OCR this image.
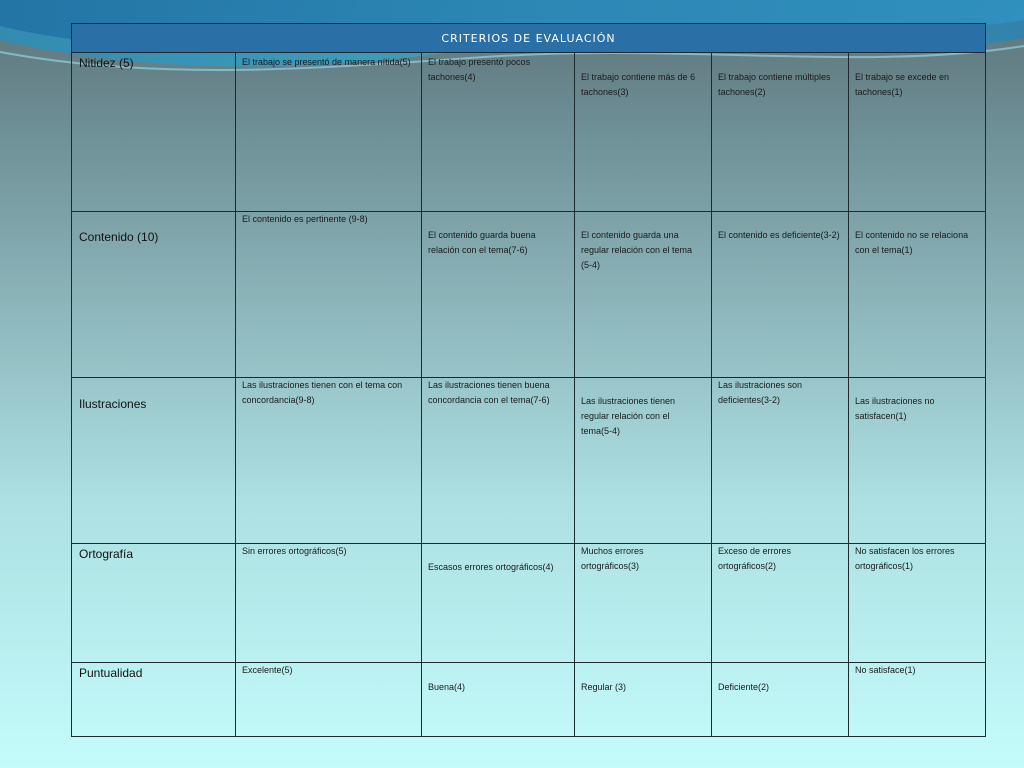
CRITERIOS DE EVALUACIÓN					
Nitidez (5)	El trabajo se presentó de manera nítida(5)	El trabajo presentó pocos tachones(4)	El trabajo contiene más de 6 tachones(3)	El trabajo contiene múltiples tachones(2)	El trabajo se excede en tachones(1)
Contenido (10)	El contenido es pertinente (9-8)	El contenido guarda buena relación con el tema(7-6)	El contenido guarda una regular relación con el tema (5-4)	El contenido es deficiente(3-2)	El contenido no se relaciona con el tema(1)
Ilustraciones	Las ilustraciones tienen con el tema con concordancia(9-8)	Las ilustraciones tienen buena concordancia con el tema(7-6)	Las ilustraciones tienen regular relación con el tema(5-4)	Las ilustraciones son deficientes(3-2)	Las ilustraciones no satisfacen(1)
Ortografía	Sin errores ortográficos(5)	Escasos errores ortográficos(4)	Muchos errores ortográficos(3)	Exceso de errores ortográficos(2)	No satisfacen los errores ortográficos(1)
Puntualidad	Excelente(5)	Buena(4)	Regular (3)	Deficiente(2)	No satisface(1)
